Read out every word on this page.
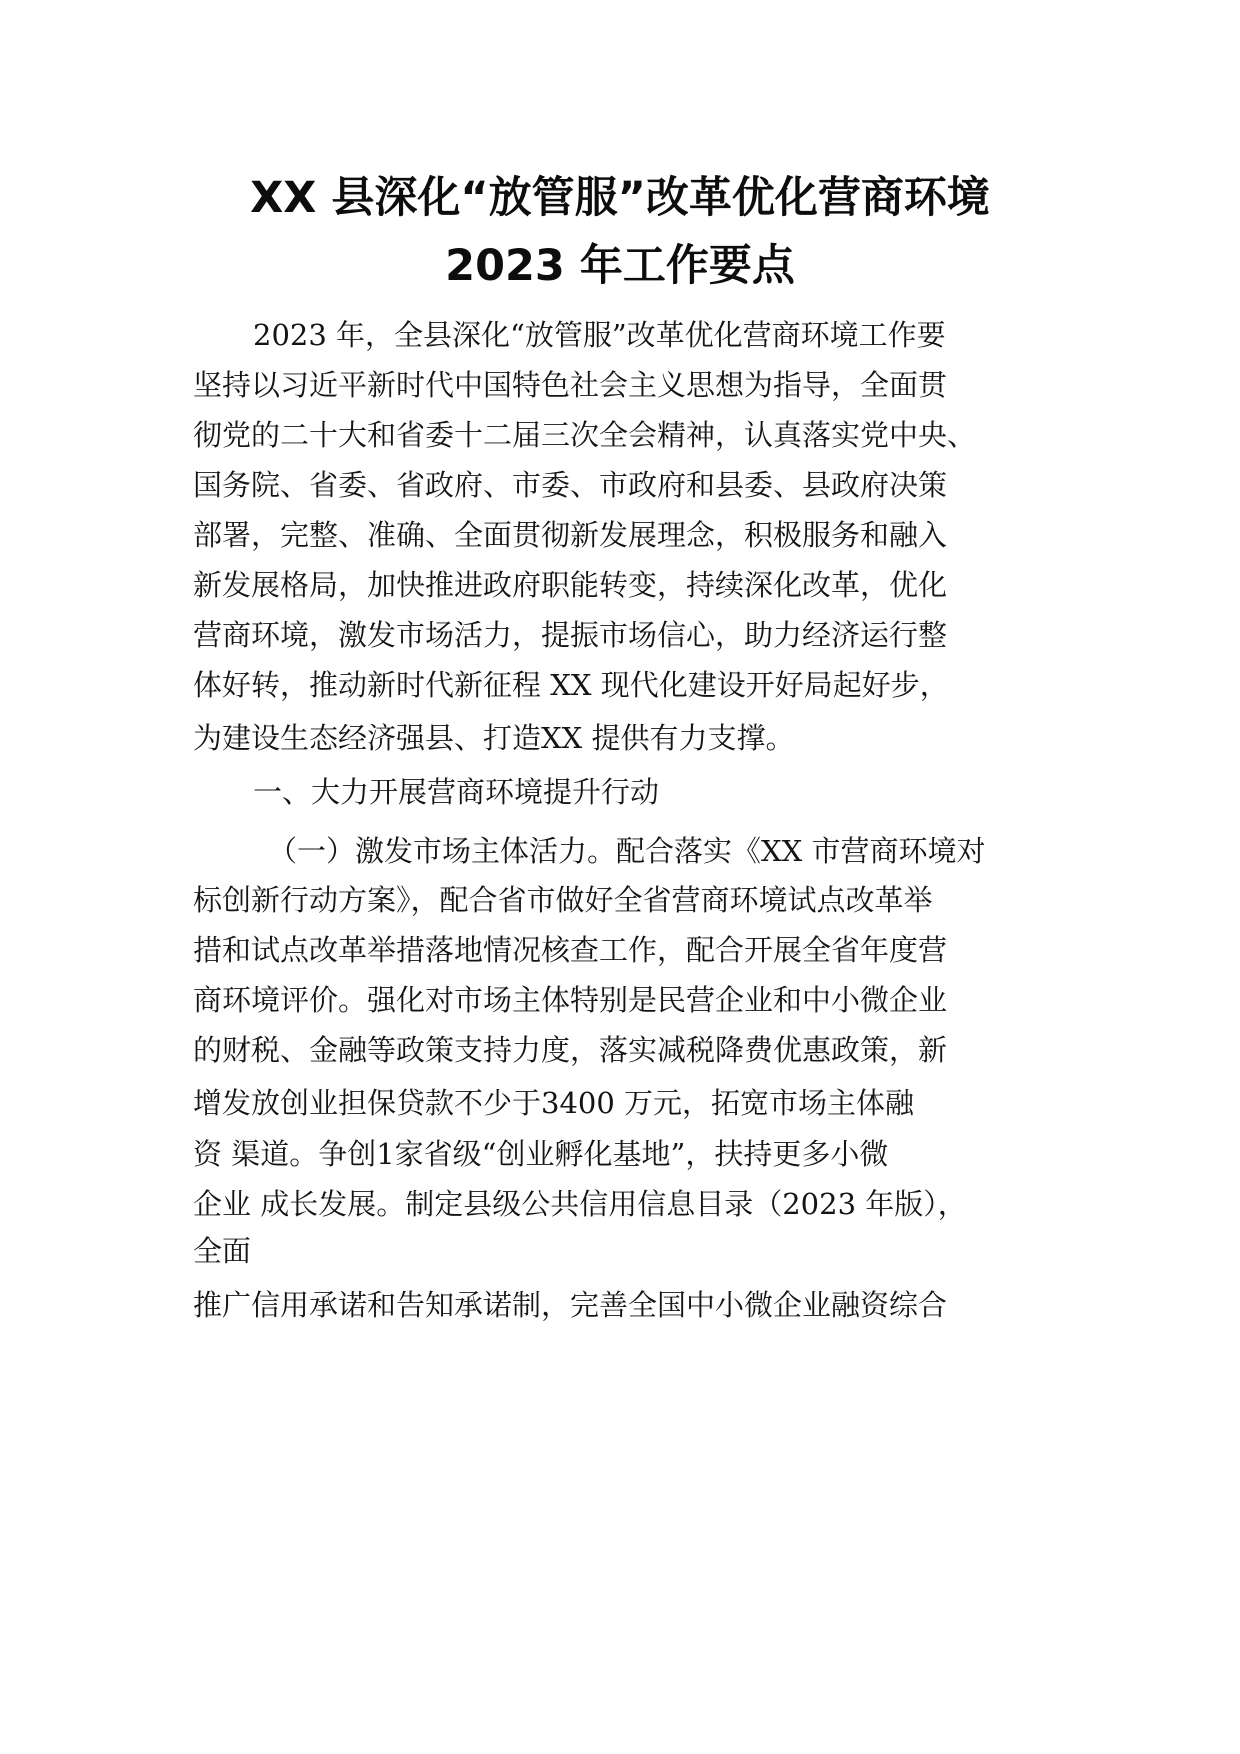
XX 县深化“放管服”改革优化营商环境
2023 年工作要点
2023 年，全县深化“放管服”改革优化营商环境工作要
坚持以习近平新时代中国特色社会主义思想为指导，全面贯
彻党的二十大和省委十二届三次全会精神，认真落实党中央、
国务院、省委、省政府、市委、市政府和县委、县政府决策
部署，完整、准确、全面贯彻新发展理念，积极服务和融入
新发展格局，加快推进政府职能转变，持续深化改革，优化
营商环境，激发市场活力，提振市场信心，助力经济运行整
体好转，推动新时代新征程 XX 现代化建设开好局起好步，
为建设生态经济强县、打造XX 提供有力支撑。
一、大力开展营商环境提升行动
（一）激发市场主体活力。配合落实《XX 市营商环境对
标创新行动方案》，配合省市做好全省营商环境试点改革举
措和试点改革举措落地情况核查工作，配合开展全省年度营
商环境评价。强化对市场主体特别是民营企业和中小微企业
的财税、金融等政策支持力度，落实减税降费优惠政策，新
增发放创业担保贷款不少于3400 万元，拓宽市场主体融
资 渠道。争创1家省级“创业孵化基地”，扶持更多小微
企业 成长发展。制定县级公共信用信息目录（2023 年版），
全面
推广信用承诺和告知承诺制，完善全国中小微企业融资综合
